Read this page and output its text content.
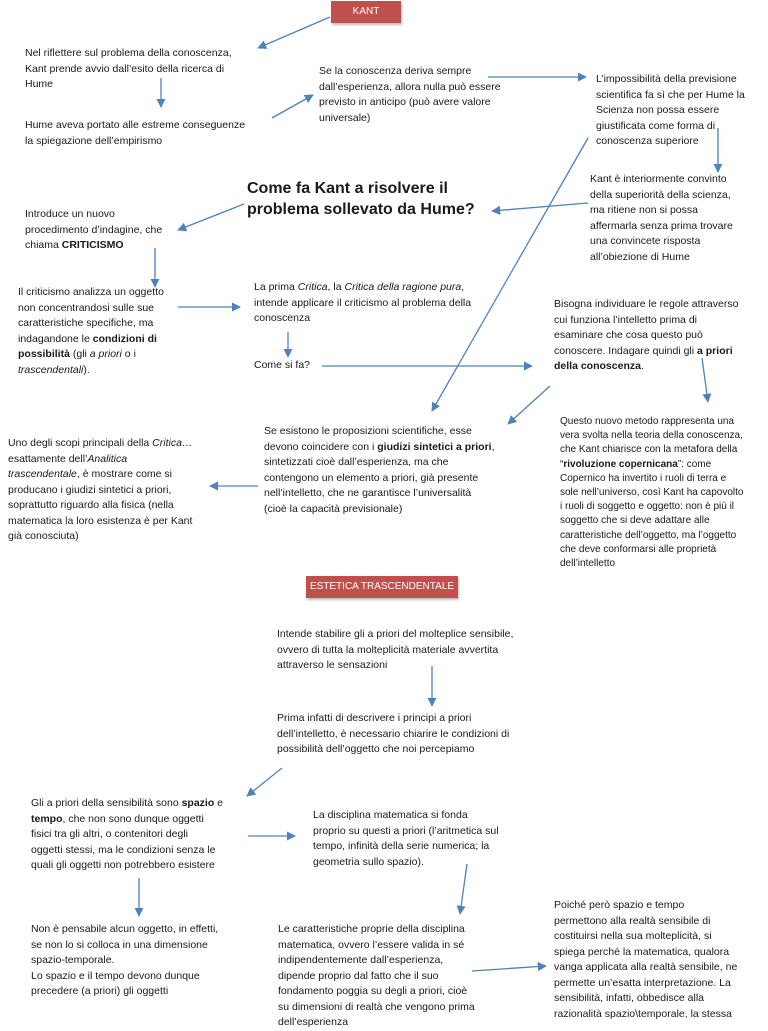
KANT
ESTETICA TRASCENDENTALE

Nel riflettere sul problema della conoscenza,

Kant prende avvio dall’esito della ricerca di

Hume

Hume aveva portato alle estreme conseguenze

la spiegazione dell’empirismo

Se la conoscenza deriva sempre

dall’esperienza, allora nulla può essere

previsto in anticipo (può avere valore

universale)

L’impossibilità della previsione

scientifica fa sì che per Hume la

Scienza non possa essere

giustificata come forma di

conoscenza superiore

Kant è interiormente convinto

della superiorità della scienza,

ma ritiene non si possa

affermarla senza prima trovare

una convincete risposta

all’obiezione di Hume

Come fa Kant a risolvere il
problema sollevato da Hume?

Introduce un nuovo

procedimento d’indagine, che

chiama CRITICISMO

Il criticismo analizza un oggetto

non concentrandosi sulle sue

caratteristiche specifiche, ma

indagandone le condizioni di

possibilità (gli a priori o i

trascendentali).

La prima Critica, la Critica della ragione pura,

intende applicare il criticismo al problema della

conoscenza

Come si fa?

Bisogna individuare le regole attraverso

cui funziona l’intelletto prima di

esaminare che cosa questo può

conoscere. Indagare quindi gli a priori

della conoscenza.

Se esistono le proposizioni scientifiche, esse

devono coincidere con i giudizi sintetici a priori,

sintetizzati cioè dall’esperienza, ma che

contengono un elemento a priori, già presente

nell’intelletto, che ne garantisce l’universalità

(cioè la capacità previsionale)

Uno degli scopi principali della Critica…

esattamente dell’Analitica

trascendentale, è mostrare come si

producano i giudizi sintetici a priori,

soprattutto riguardo alla fisica (nella

matematica la loro esistenza è per Kant

già conosciuta)

Questo nuovo metodo rappresenta una

vera svolta nella teoria della conoscenza,

che Kant chiarisce con la metafora della

“rivoluzione copernicana”: come

Copernico ha invertito i ruoli di terra e

sole nell’universo, così Kant ha capovolto

i ruoli di soggetto e oggetto: non è più il

soggetto che si deve adattare alle

caratteristiche dell’oggetto, ma l’oggetto

che deve conformarsi alle proprietà

dell’intelletto

Intende stabilire gli a priori del molteplice sensibile,

ovvero di tutta la molteplicità materiale avvertita

attraverso le sensazioni

Prima infatti di descrivere i principi a priori

dell’intelletto, è necessario chiarire le condizioni di

possibilità dell’oggetto che noi percepiamo

Gli a priori della sensibilità sono spazio e

tempo, che non sono dunque oggetti

fisici tra gli altri, o contenitori degli

oggetti stessi, ma le condizioni senza le

quali gli oggetti non potrebbero esistere

La disciplina matematica si fonda

proprio su questi a priori (l’aritmetica sul

tempo, infinità della serie numerica; la

geometria sullo spazio).

Non è pensabile alcun oggetto, in effetti,

se non lo si colloca in una dimensione

spazio-temporale.

Lo spazio e il tempo devono dunque

precedere (a priori) gli oggetti

Le caratteristiche proprie della disciplina

matematica, ovvero l’essere valida in sé

indipendentemente dall’esperienza,

dipende proprio dal fatto che il suo

fondamento poggia su degli a priori, cioè

su dimensioni di realtà che vengono prima

dell’esperienza

Poiché però spazio e tempo

permettono alla realtà sensibile di

costituirsi nella sua molteplicità, si

spiega perché la matematica, qualora

vanga applicata alla realtà sensibile, ne

permette un’esatta interpretazione. La

sensibilità, infatti, obbedisce alla

razionalità spazio\temporale, la stessa
